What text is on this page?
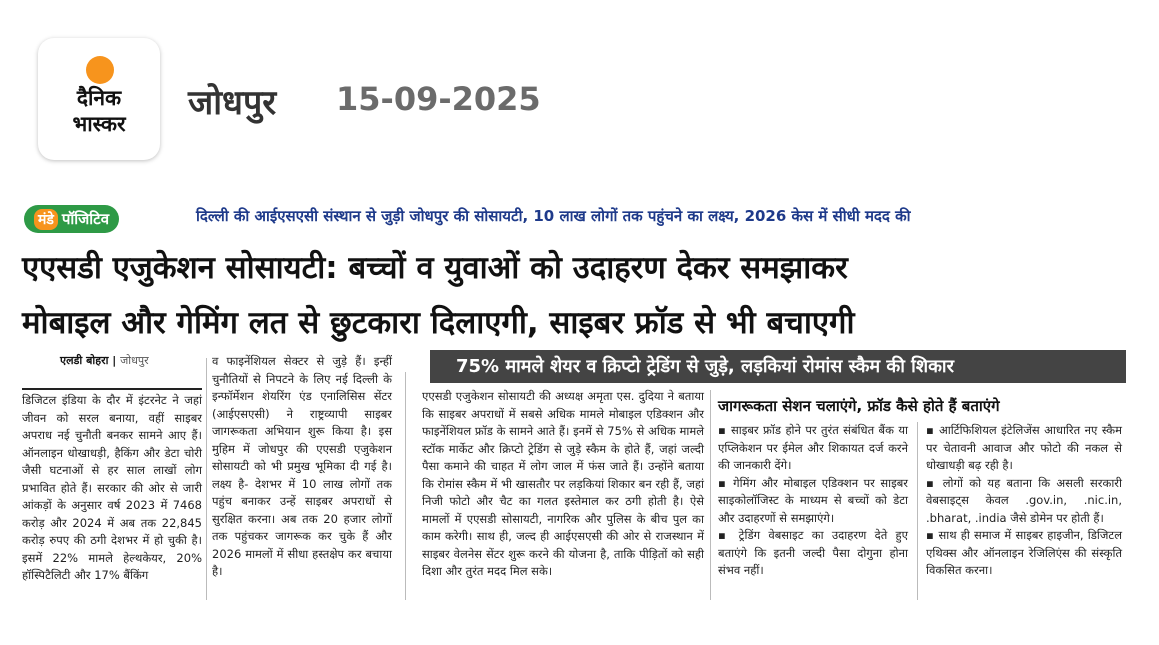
दैनिक
भास्कर
जोधपुर 15-09-2025
मंडे पॉजिटिव	दिल्ली की आईएसएसी संस्थान से जुड़ी जोधपुर की सोसायटी, 10 लाख लोगों तक पहुंचने का लक्ष्य, 2026 केस में सीधी मदद की
एएसडी एजुकेशन सोसायटी: बच्चों व युवाओं को उदाहरण देकर समझाकर
मोबाइल और गेमिंग लत से छुटकारा दिलाएगी, साइबर फ्रॉड से भी बचाएगी
एलडी बोहरा | जोधपुर	75% मामले शेयर व क्रिप्टो ट्रेडिंग से जुड़े, लड़कियां रोमांस स्कैम की शिकार
डिजिटल इंडिया के दौर में इंटरनेट ने जहां जीवन को सरल बनाया, वहीं साइबर अपराध नई चुनौती बनकर सामने आए हैं। ऑनलाइन धोखाधड़ी, हैकिंग और डेटा चोरी जैसी घटनाओं से हर साल लाखों लोग प्रभावित होते हैं। सरकार की ओर से जारी आंकड़ों के अनुसार वर्ष 2023 में 7468 करोड़ और 2024 में अब तक 22,845 करोड़ रुपए की ठगी देशभर में हो चुकी है। इसमें 22% मामले हेल्थकेयर, 20% हॉस्पिटैलिटी और 17% बैंकिंग
व फाइनेंशियल सेक्टर से जुड़े हैं। इन्हीं चुनौतियों से निपटने के लिए नई दिल्ली के इन्फॉर्मेशन शेयरिंग एंड एनालिसिस सेंटर (आईएसएसी) ने राष्ट्रव्यापी साइबर जागरूकता अभियान शुरू किया है। इस मुहिम में जोधपुर की एएसडी एजुकेशन सोसायटी को भी प्रमुख भूमिका दी गई है। लक्ष्य है- देशभर में 10 लाख लोगों तक पहुंच बनाकर उन्हें साइबर अपराधों से सुरक्षित करना। अब तक 20 हजार लोगों तक पहुंचकर जागरूक कर चुके हैं और 2026 मामलों में सीधा हस्तक्षेप कर बचाया है।
एएसडी एजुकेशन सोसायटी की अध्यक्ष अमृता एस. दुदिया ने बताया कि साइबर अपराधों में सबसे अधिक मामले मोबाइल एडिक्शन और फाइनेंशियल फ्रॉड के सामने आते हैं। इनमें से 75% से अधिक मामले स्टॉक मार्केट और क्रिप्टो ट्रेडिंग से जुड़े स्कैम के होते हैं, जहां जल्दी पैसा कमाने की चाहत में लोग जाल में फंस जाते हैं। उन्होंने बताया कि रोमांस स्कैम में भी खासतौर पर लड़कियां शिकार बन रही हैं, जहां निजी फोटो और चैट का गलत इस्तेमाल कर ठगी होती है। ऐसे मामलों में एएसडी सोसायटी, नागरिक और पुलिस के बीच पुल का काम करेगी। साथ ही, जल्द ही आईएसएसी की ओर से राजस्थान में साइबर वेलनेस सेंटर शुरू करने की योजना है, ताकि पीड़ितों को सही दिशा और तुरंत मदद मिल सके।
जागरूकता सेशन चलाएंगे, फ्रॉड कैसे होते हैं बताएंगे
▪ साइबर फ्रॉड होने पर तुरंत संबंधित बैंक या एप्लिकेशन पर ईमेल और शिकायत दर्ज करने की जानकारी देंगे।
▪ गेमिंग और मोबाइल एडिक्शन पर साइबर साइकोलॉजिस्ट के माध्यम से बच्चों को डेटा और उदाहरणों से समझाएंगे।
▪ ट्रेडिंग वेबसाइट का उदाहरण देते हुए बताएंगे कि इतनी जल्दी पैसा दोगुना होना संभव नहीं।
▪ आर्टिफिशियल इंटेलिजेंस आधारित नए स्कैम पर चेतावनी आवाज और फोटो की नकल से धोखाधड़ी बढ़ रही है।
▪ लोगों को यह बताना कि असली सरकारी वेबसाइट्स केवल .gov.in, .nic.in, .bharat, .india जैसे डोमेन पर होती हैं।
▪ साथ ही समाज में साइबर हाइजीन, डिजिटल एथिक्स और ऑनलाइन रेजिलिएंस की संस्कृति विकसित करना।
